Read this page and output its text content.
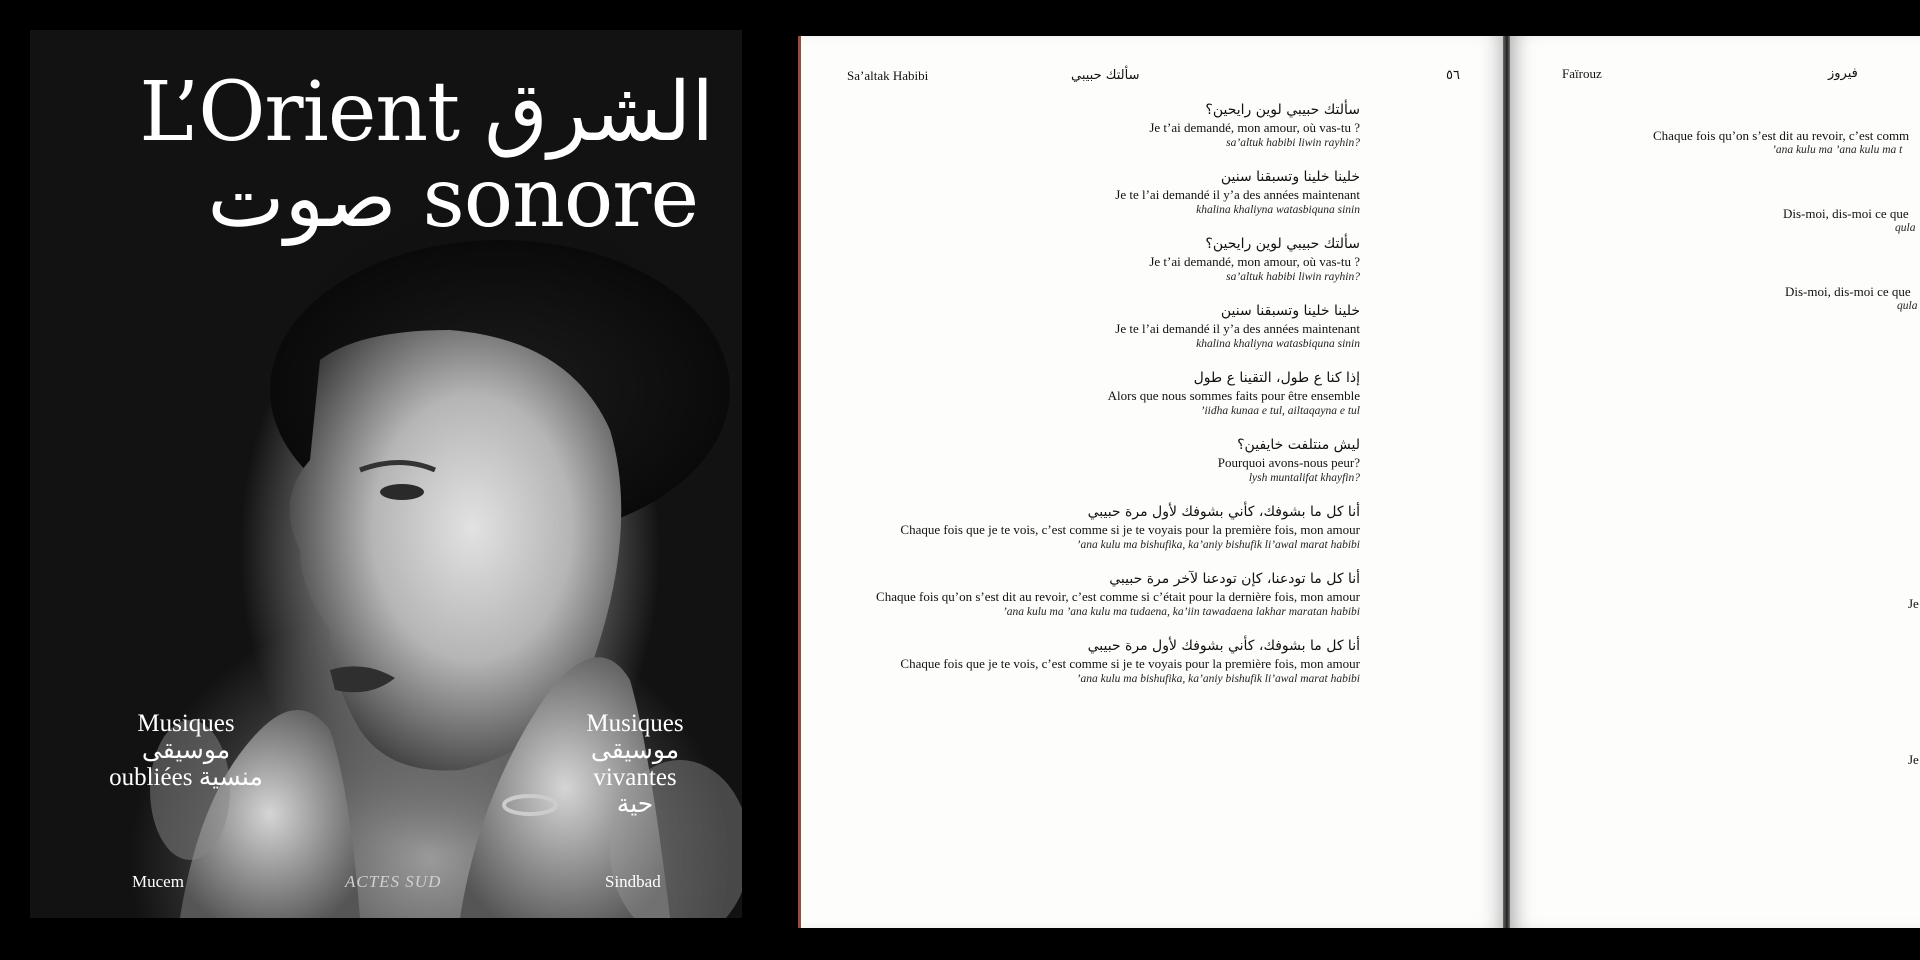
L’Orient الشرق
صوت sonore
Musiques
موسيقى
oubliées منسية
Musiques
موسيقى
vivantes
حية
Mucem	ACTES SUD	Sindbad
Sa’altak Habibi	سألتك حبيبي	٥٦
سألتك حبيبي لوين رايحين؟
Je t’ai demandé, mon amour, où vas-tu ?
sa’altuk habibi liwin rayhin?
خلينا خلينا وتسبقنا سنين
Je te l’ai demandé il y’a des années maintenant
khalina khaliyna watasbiquna sinin
سألتك حبيبي لوين رايحين؟
Je t’ai demandé, mon amour, où vas-tu ?
sa’altuk habibi liwin rayhin?
خلينا خلينا وتسبقنا سنين
Je te l’ai demandé il y’a des années maintenant
khalina khaliyna watasbiquna sinin
إذا كنا ع طول، التقينا ع طول
Alors que nous sommes faits pour être ensemble
’iidha kunaa e tul, ailtaqayna e tul
ليش منتلفت خايفين؟
Pourquoi avons-nous peur?
lysh muntalifat khayfin?
أنا كل ما بشوفك، كأني بشوفك لأول مرة حبيبي
Chaque fois que je te vois, c’est comme si je te voyais pour la première fois, mon amour
’ana kulu ma bishufika, ka’aniy bishufik li’awal marat habibi
أنا كل ما تودعنا، كإن تودعنا لآخر مرة حبيبي
Chaque fois qu’on s’est dit au revoir, c’est comme si c’était pour la dernière fois, mon amour
’ana kulu ma ’ana kulu ma tudaena, ka’iin tawadaena lakhar maratan habibi
أنا كل ما بشوفك، كأني بشوفك لأول مرة حبيبي
Chaque fois que je te vois, c’est comme si je te voyais pour la première fois, mon amour
’ana kulu ma bishufika, ka’aniy bishufik li’awal marat habibi
Faïrouz	فيروز
Chaque fois qu’on s’est dit au revoir, c’est comm
’ana kulu ma ’ana kulu ma t
Dis-moi, dis-moi ce que
qula
Dis-moi, dis-moi ce que
qula
Je
Je
